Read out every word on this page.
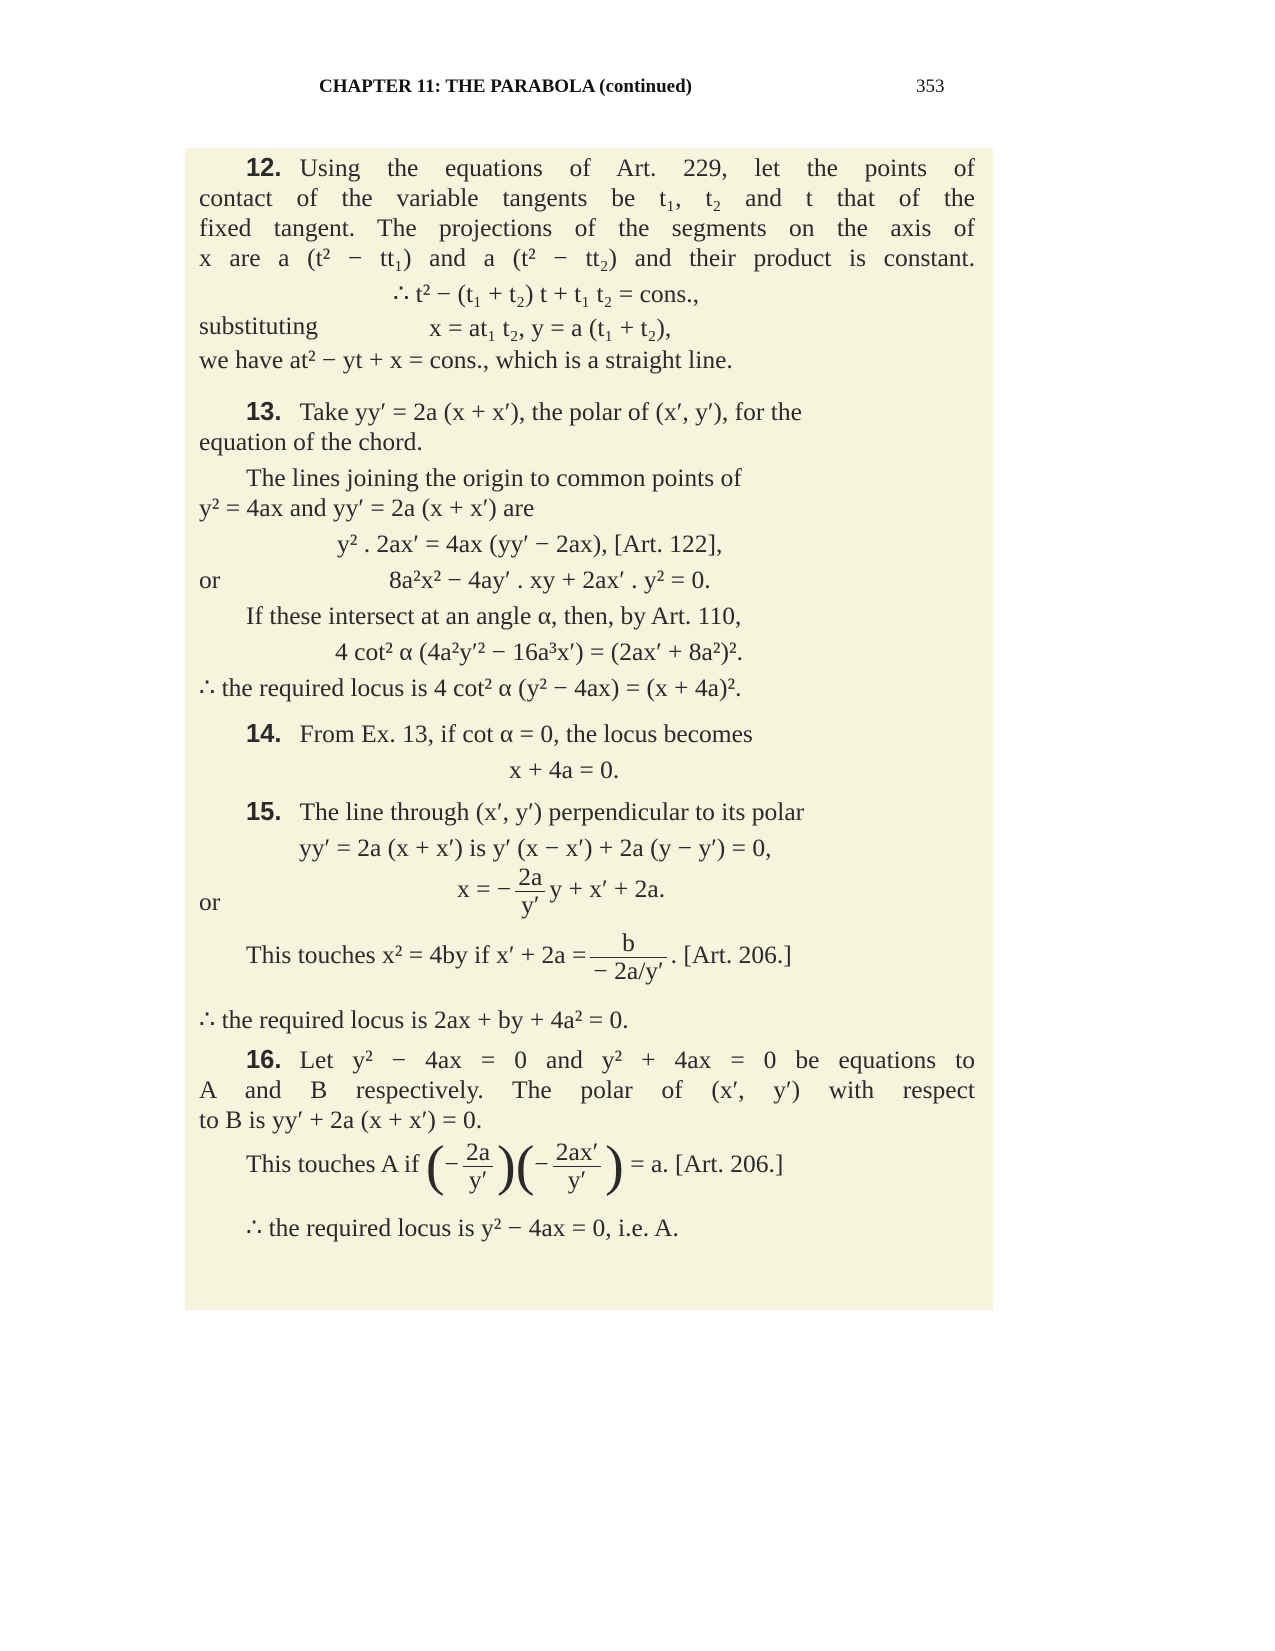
CHAPTER 11: THE PARABOLA (continued)	353
12. Using the equations of Art. 229, let the points of
contact of the variable tangents be t₁, t₂ and t that of the
fixed tangent. The projections of the segments on the axis of
x are a (t² − tt₁) and a (t² − tt₂) and their product is constant.
∴ t² − (t₁ + t₂) t + t₁ t₂ = cons.,
substituting	x = at₁ t₂, y = a (t₁ + t₂),
we have at² − yt + x = cons., which is a straight line.
13. Take yy′ = 2a (x + x′), the polar of (x′, y′), for the
equation of the chord.
The lines joining the origin to common points of
y² = 4ax and yy′ = 2a (x + x′) are
y² . 2ax′ = 4ax (yy′ − 2ax), [Art. 122],
or	8a²x² − 4ay′ . xy + 2ax′ . y² = 0.
If these intersect at an angle α, then, by Art. 110,
4 cot² α (4a²y′² − 16a³x′) = (2ax′ + 8a²)².
∴ the required locus is 4 cot² α (y² − 4ax) = (x + 4a)².
14. From Ex. 13, if cot α = 0, the locus becomes
x + 4a = 0.
15. The line through (x′, y′) perpendicular to its polar
yy′ = 2a (x + x′) is y′ (x − x′) + 2a (y − y′) = 0,
or	x = − $\frac{2a}{y'}$ y + x′ + 2a.
This touches x² = 4by if $x' + 2a = \frac{b}{- 2a/y'}$ . [Art. 206.]
∴ the required locus is 2ax + by + 4a² = 0.
16. Let y² − 4ax = 0 and y² + 4ax = 0 be equations to
A and B respectively. The polar of (x′, y′) with respect
to B is yy′ + 2a (x + x′) = 0.
This touches A if (− $\frac{2a}{y'}$ )(− $\frac{2ax'}{y'}$ ) = a. [Art. 206.]
∴ the required locus is y² − 4ax = 0, i.e. A.
